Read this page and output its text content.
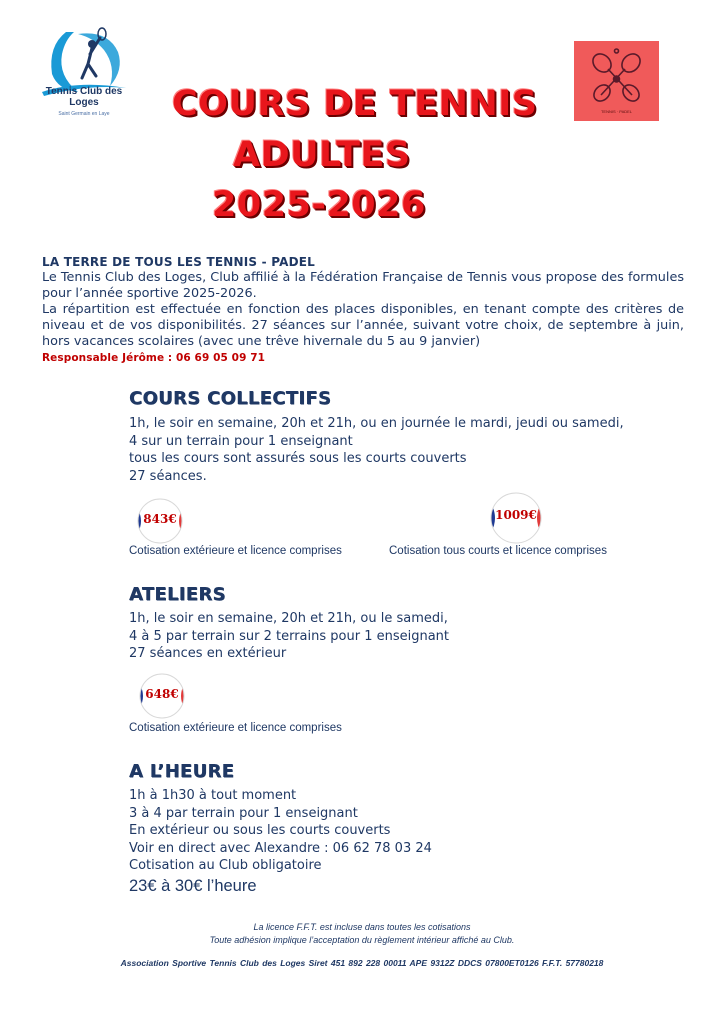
Tennis Club des Loges
Saint Germain en Laye	TENNIS · PADEL
COURS DE TENNIS
ADULTES
2025-2026
LA TERRE DE TOUS LES TENNIS - PADEL

Le Tennis Club des Loges, Club affilié à la Fédération Française de Tennis vous propose des formules pour l’année sportive 2025-2026.

La répartition est effectuée en fonction des places disponibles, en tenant compte des critères de niveau et de vos disponibilités. 27 séances sur l’année, suivant votre choix, de septembre à juin, hors vacances scolaires (avec une trêve hivernale du 5 au 9 janvier)

Responsable Jérôme : 06 69 05 09 71
COURS COLLECTIFS
1h, le soir en semaine, 20h et 21h, ou en journée le mardi, jeudi ou samedi,
4 sur un terrain pour 1 enseignant
tous les cours sont assurés sous les courts couverts
27 séances.
843€
Cotisation extérieure et licence comprises
1009€
Cotisation tous courts et licence comprises
ATELIERS
1h, le soir en semaine, 20h et 21h, ou le samedi,
4 à 5 par terrain sur 2 terrains pour 1 enseignant
27 séances en extérieur
648€
Cotisation extérieure et licence comprises
A L’HEURE
1h à 1h30 à tout moment
3 à 4 par terrain pour 1 enseignant
En extérieur ou sous les courts couverts
Voir en direct avec Alexandre : 06 62 78 03 24
Cotisation au Club obligatoire
23€ à 30€ l’heure
La licence F.F.T. est incluse dans toutes les cotisations
Toute adhésion implique l’acceptation du règlement intérieur affiché au Club.
Association Sportive Tennis Club des Loges Siret 451 892 228 00011 APE 9312Z DDCS 07800ET0126 F.F.T. 57780218
